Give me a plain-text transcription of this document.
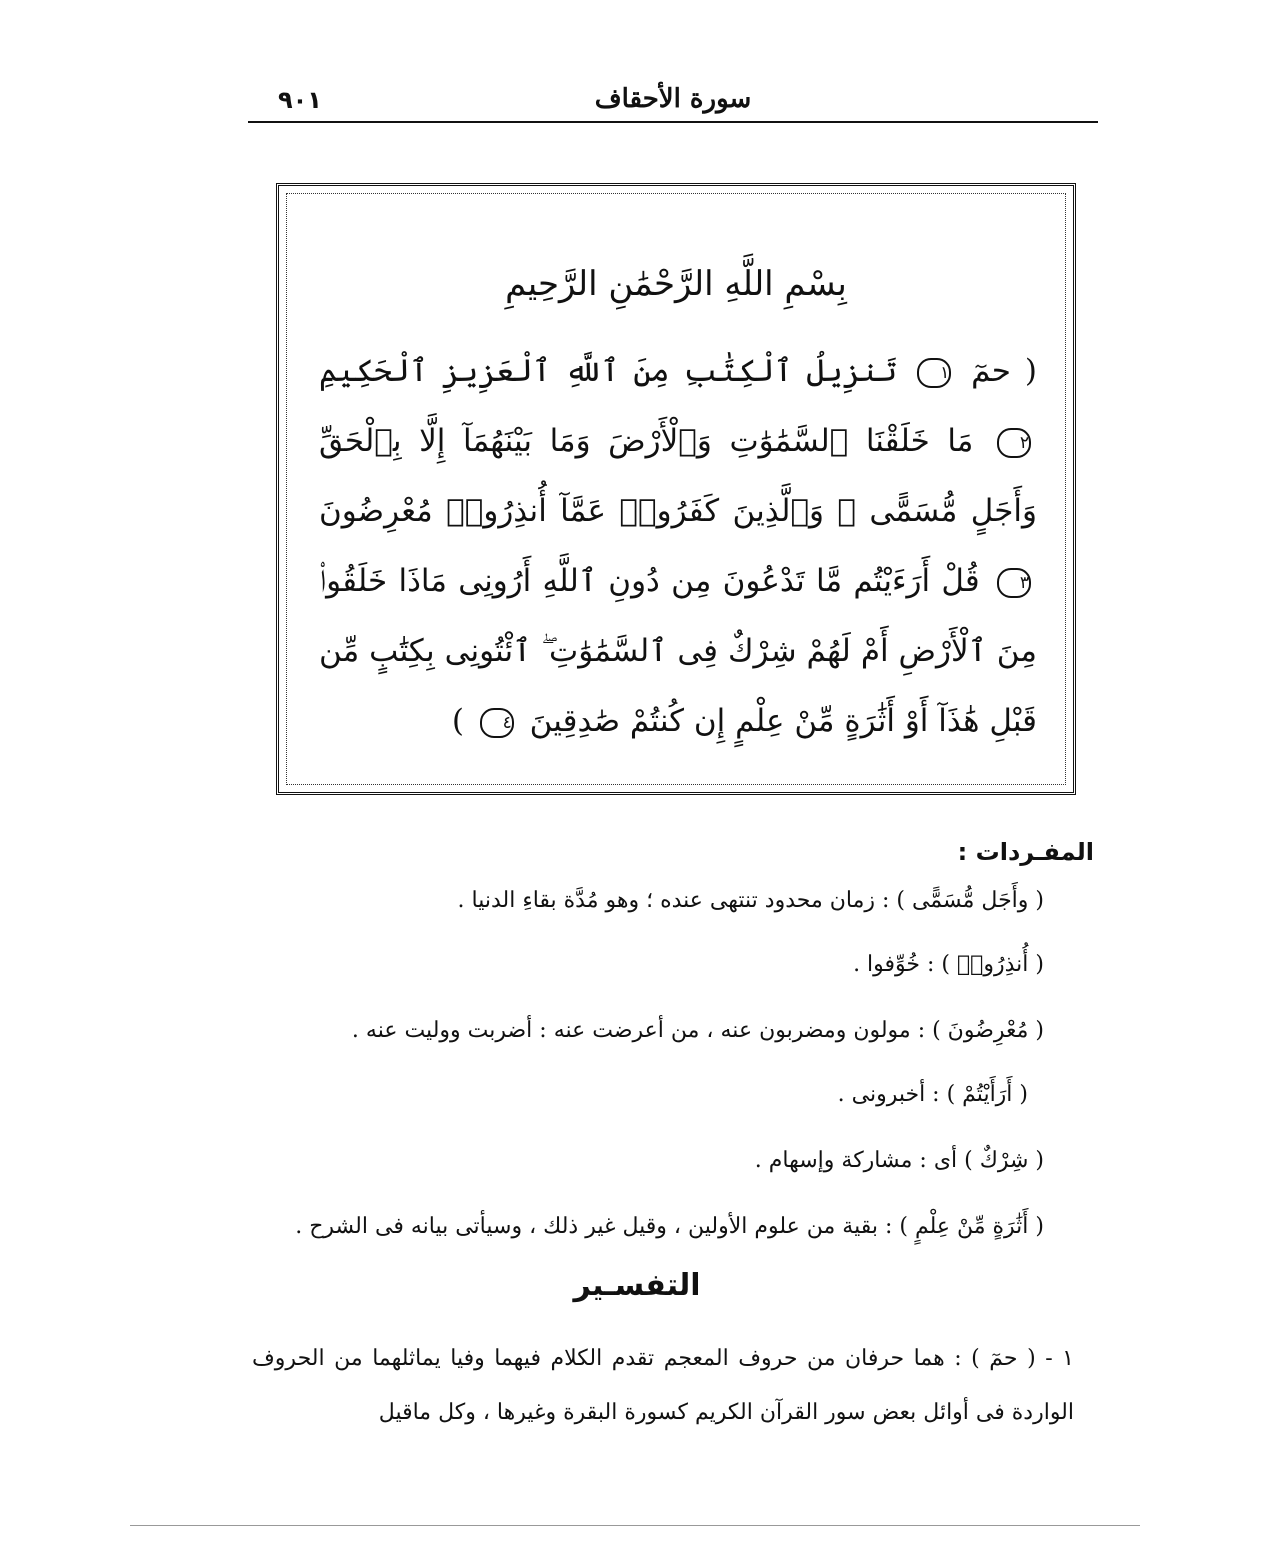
سورة الأحقاف
٩٠١
بِسْمِ اللَّهِ الرَّحْمَٰنِ الرَّحِيمِ
( حمٓ ١ تَنزِيلُ ٱلْكِتَٰبِ مِنَ ٱللَّهِ ٱلْعَزِيزِ ٱلْحَكِيمِ ٢ مَا خَلَقْنَا ٱلسَّمَٰوَٰتِ وَٱلْأَرْضَ وَمَا بَيْنَهُمَآ إِلَّا بِٱلْحَقِّ وَأَجَلٍ مُّسَمًّى ۚ وَٱلَّذِينَ كَفَرُوا۟ عَمَّآ أُنذِرُوا۟ مُعْرِضُونَ ٣ قُلْ أَرَءَيْتُم مَّا تَدْعُونَ مِن دُونِ ٱللَّهِ أَرُونِى مَاذَا خَلَقُوا۟ مِنَ ٱلْأَرْضِ أَمْ لَهُمْ شِرْكٌ فِى ٱلسَّمَٰوَٰتِ ۖ ٱئْتُونِى بِكِتَٰبٍ مِّن قَبْلِ هَٰذَآ أَوْ أَثَٰرَةٍ مِّنْ عِلْمٍ إِن كُنتُمْ صَٰدِقِينَ ٤ )
المفـردات :
( وأَجَل مُّسَمًّى ) : زمان محدود تنتهى عنده ؛ وهو مُدَّة بقاءِ الدنيا .
( أُنذِرُوا۟ ) : خُوِّفوا .
( مُعْرِضُونَ ) : مولون ومضربون عنه ، من أعرضت عنه : أضربت ووليت عنه .
( أَرَأَيْتُمْ ) : أخبرونى .
( شِرْكٌ ) أى : مشاركة وإسهام .
( أَثَٰرَةٍ مِّنْ عِلْمٍ ) : بقية من علوم الأولين ، وقيل غير ذلك ، وسيأتى بيانه فى الشرح .
التفسـير
١ - ( حمٓ ) : هما حرفان من حروف المعجم تقدم الكلام فيهما وفيا يماثلهما من الحروف الواردة فى أوائل بعض سور القرآن الكريم كسورة البقرة وغيرها ، وكل ماقيل
